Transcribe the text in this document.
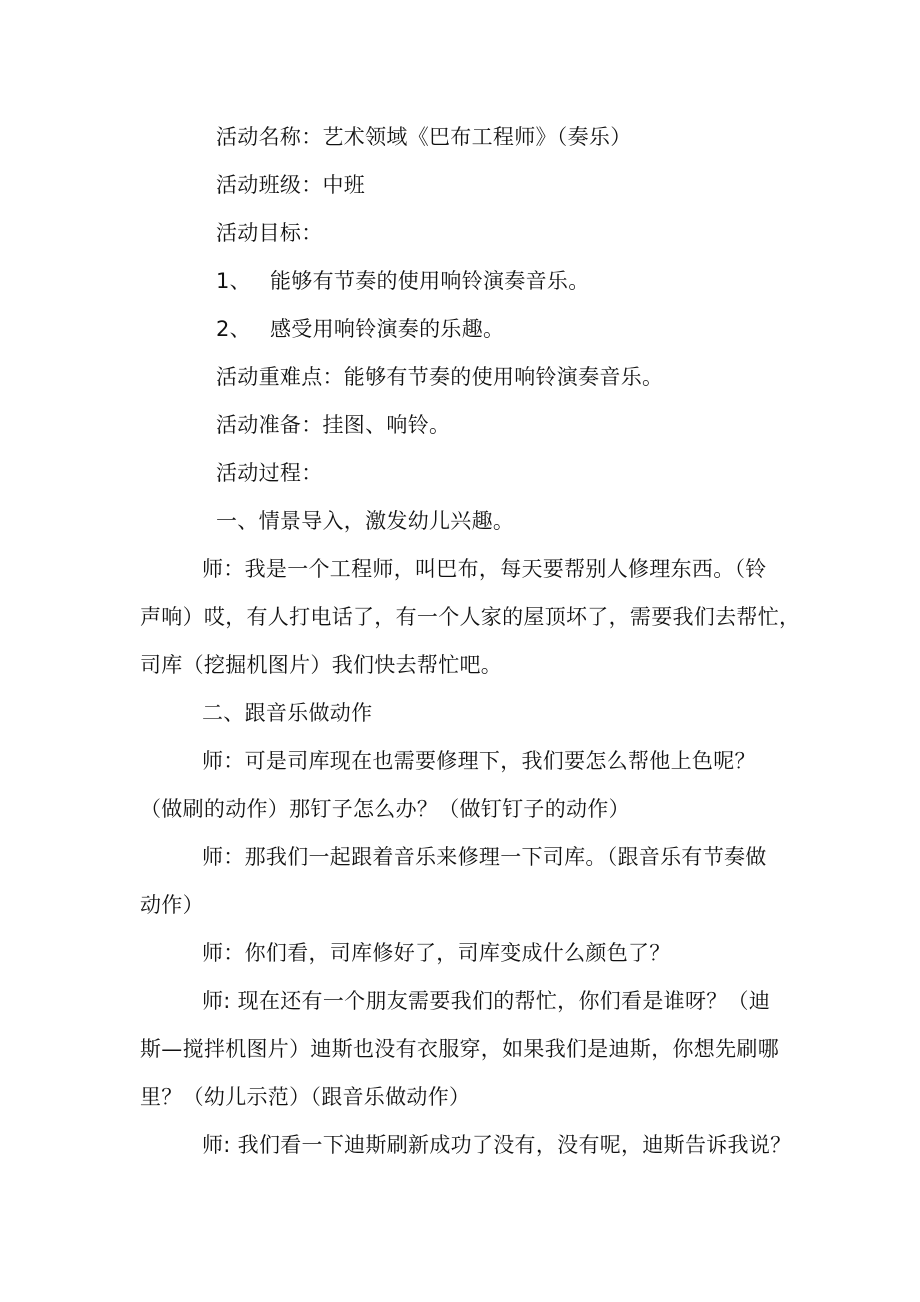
活动名称：艺术领域《巴布工程师》（奏乐）
活动班级：中班
活动目标：
1、 能够有节奏的使用响铃演奏音乐。
2、 感受用响铃演奏的乐趣。
活动重难点：能够有节奏的使用响铃演奏音乐。
活动准备：挂图、响铃。
活动过程：
一、情景导入，激发幼儿兴趣。
师：我是一个工程师，叫巴布，每天要帮别人修理东西。（铃
声响）哎，有人打电话了，有一个人家的屋顶坏了，需要我们去帮忙，
司库（挖掘机图片）我们快去帮忙吧。
二、跟音乐做动作
师：可是司库现在也需要修理下，我们要怎么帮他上色呢？
（做刷的动作）那钉子怎么办？（做钉钉子的动作）
师：那我们一起跟着音乐来修理一下司库。（跟音乐有节奏做
动作）
师：你们看，司库修好了，司库变成什么颜色了？
师: 现在还有一个朋友需要我们的帮忙，你们看是谁呀？（迪
斯—搅拌机图片）迪斯也没有衣服穿，如果我们是迪斯，你想先刷哪
里？（幼儿示范）（跟音乐做动作）
师: 我们看一下迪斯刷新成功了没有，没有呢，迪斯告诉我说？
